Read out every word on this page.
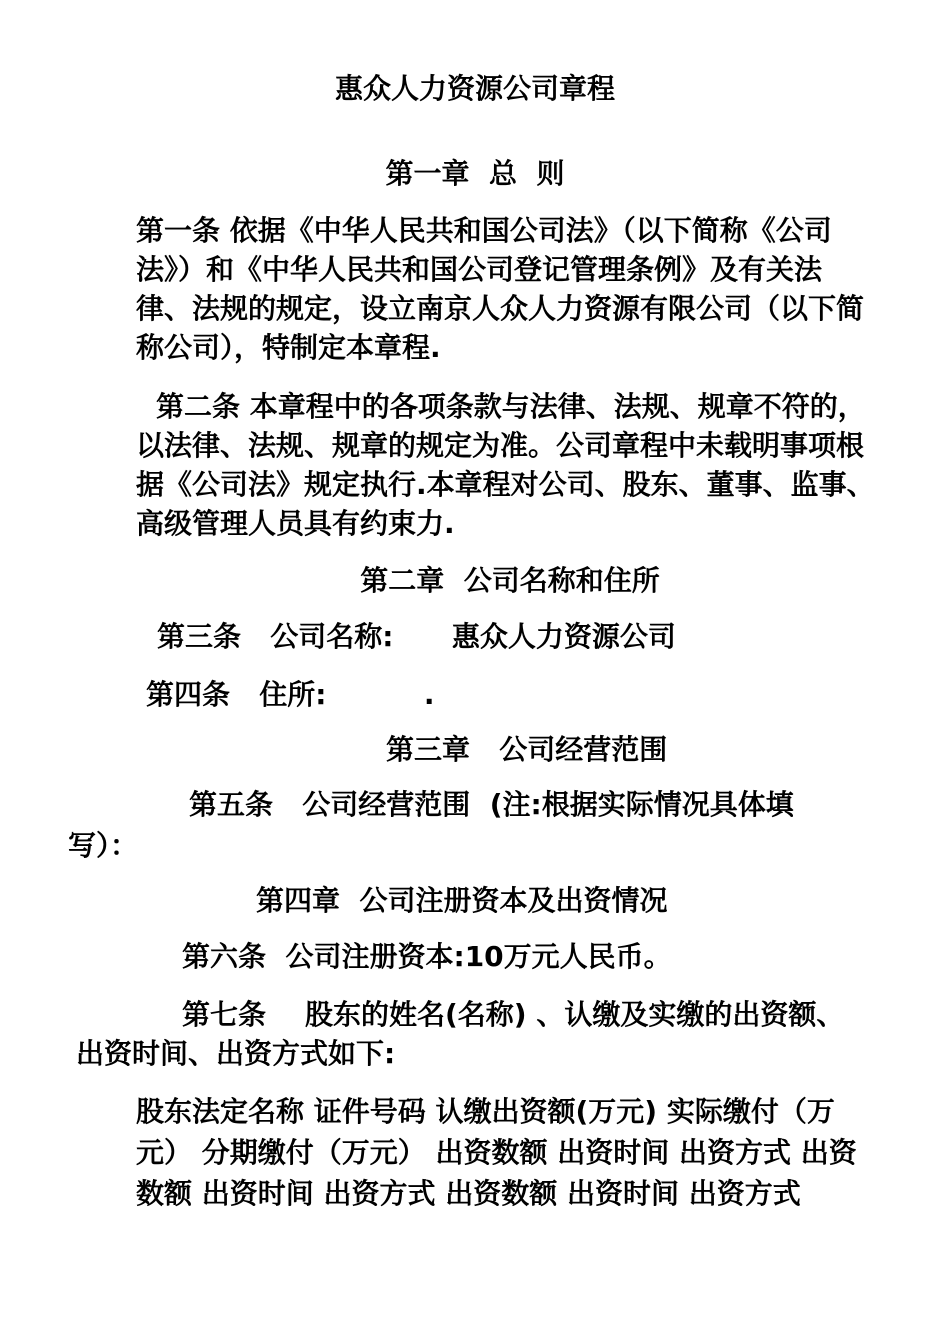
惠众人力资源公司章程
第一章  总  则
第一条 依据《中华人民共和国公司法》（以下简称《公司法》）和《中华人民共和国公司登记管理条例》及有关法律、法规的规定，设立南京人众人力资源有限公司（以下简称公司），特制定本章程.
第二条 本章程中的各项条款与法律、法规、规章不符的，以法律、法规、规章的规定为准。公司章程中未载明事项根据《公司法》规定执行.本章程对公司、股东、董事、监事、高级管理人员具有约束力.
第二章  公司名称和住所
第三条   公司名称:      惠众人力资源公司
第四条   住所:          .
第三章   公司经营范围
第五条   公司经营范围  (注:根据实际情况具体填
写）：
第四章  公司注册资本及出资情况
第六条  公司注册资本:10万元人民币。
第七条    股东的姓名(名称) 、认缴及实缴的出资额、
出资时间、出资方式如下:
股东法定名称 证件号码 认缴出资额(万元) 实际缴付（万元） 分期缴付（万元） 出资数额 出资时间 出资方式 出资数额 出资时间 出资方式 出资数额 出资时间 出资方式
